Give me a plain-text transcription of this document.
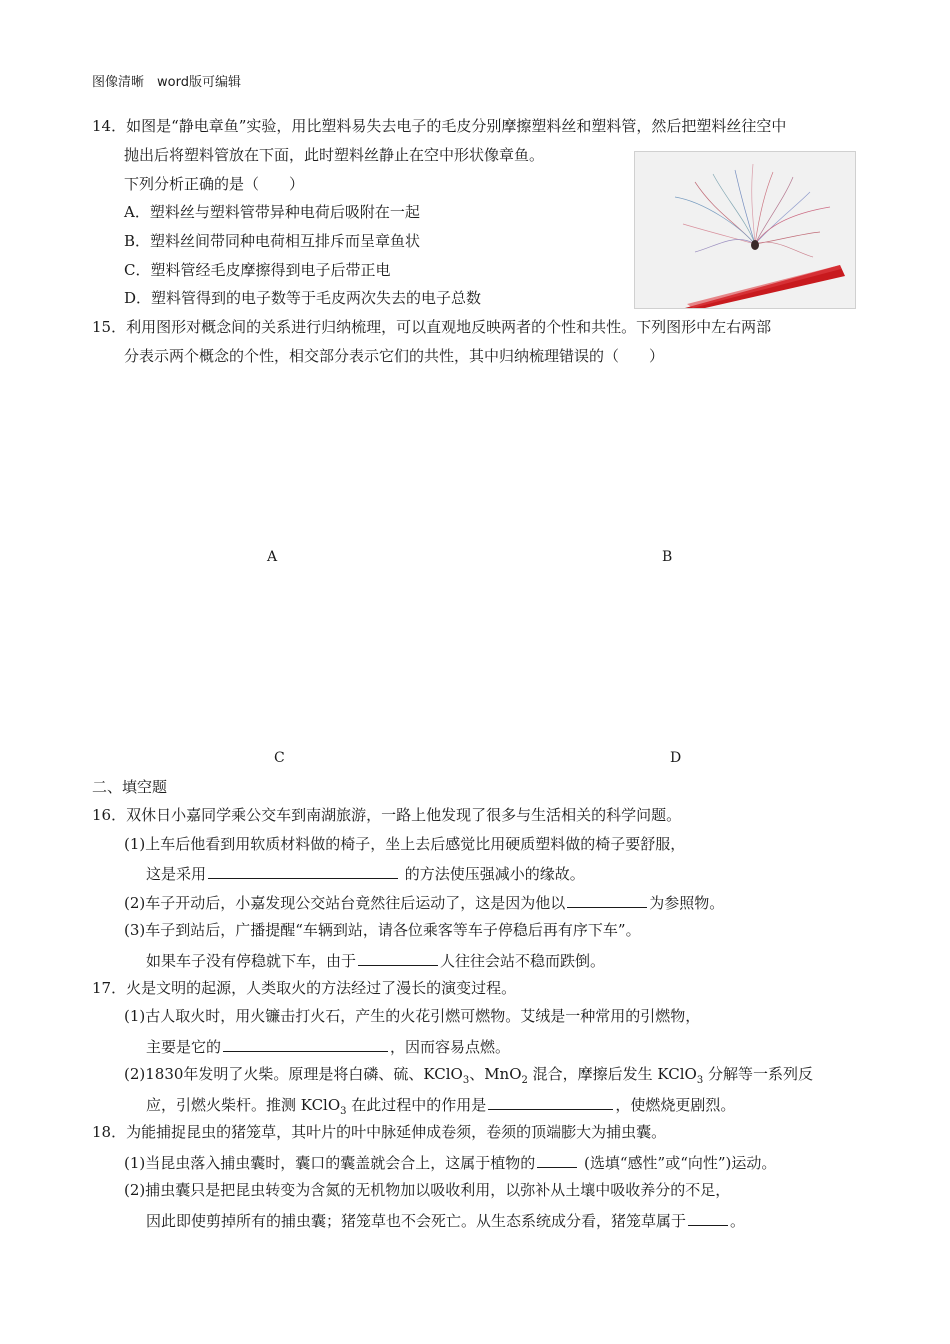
图像清晰　word版可编辑
14．如图是“静电章鱼”实验，用比塑料易失去电子的毛皮分别摩擦塑料丝和塑料管，然后把塑料丝往空中
抛出后将塑料管放在下面，此时塑料丝静止在空中形状像章鱼。
下列分析正确的是（　　）
A．塑料丝与塑料管带异种电荷后吸附在一起
B．塑料丝间带同种电荷相互排斥而呈章鱼状
C．塑料管经毛皮摩擦得到电子后带正电
D．塑料管得到的电子数等于毛皮两次失去的电子总数
15．利用图形对概念间的关系进行归纳梳理，可以直观地反映两者的个性和共性。下列图形中左右两部
分表示两个概念的个性，相交部分表示它们的共性，其中归纳梳理错误的（　　）
A	B
C	D
二、填空题
16．双休日小嘉同学乘公交车到南湖旅游，一路上他发现了很多与生活相关的科学问题。
(1)上车后他看到用软质材料做的椅子，坐上去后感觉比用硬质塑料做的椅子要舒服，
这是采用	的方法使压强减小的缘故。
(2)车子开动后，小嘉发现公交站台竟然往后运动了，这是因为他以	为参照物。
(3)车子到站后，广播提醒“车辆到站，请各位乘客等车子停稳后再有序下车”。
如果车子没有停稳就下车，由于	人往往会站不稳而跌倒。
17．火是文明的起源，人类取火的方法经过了漫长的演变过程。
(1)古人取火时，用火镰击打火石，产生的火花引燃可燃物。艾绒是一种常用的引燃物，
主要是它的	，因而容易点燃。
(2)1830年发明了火柴。原理是将白磷、硫、KClO$_3$、MnO$_2$ 混合，摩擦后发生 KClO$_3$ 分解等一系列反
应，引燃火柴杆。推测 KClO$_3$ 在此过程中的作用是	，使燃烧更剧烈。
18．为能捕捉昆虫的猪笼草，其叶片的叶中脉延伸成卷须，卷须的顶端膨大为捕虫囊。
(1)当昆虫落入捕虫囊时，囊口的囊盖就会合上，这属于植物的	(选填“感性”或“向性”)运动。
(2)捕虫囊只是把昆虫转变为含氮的无机物加以吸收利用，以弥补从土壤中吸收养分的不足，
因此即使剪掉所有的捕虫囊；猪笼草也不会死亡。从生态系统成分看，猪笼草属于	。
